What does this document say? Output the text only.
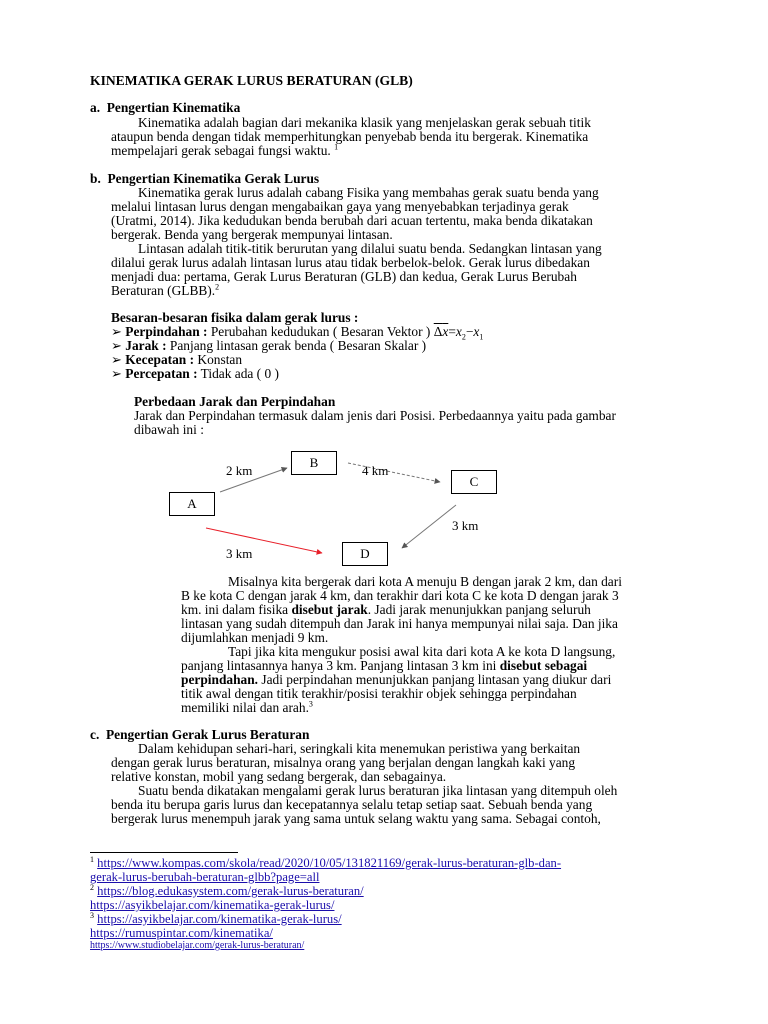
KINEMATIKA GERAK LURUS BERATURAN (GLB)
a.  Pengertian Kinematika
Kinematika adalah bagian dari mekanika klasik yang menjelaskan gerak sebuah titik
ataupun benda dengan tidak memperhitungkan penyebab benda itu bergerak. Kinematika
mempelajari gerak sebagai fungsi waktu. $^1$
b.  Pengertian Kinematika Gerak Lurus
Kinematika gerak lurus adalah cabang Fisika yang membahas gerak suatu benda yang
melalui lintasan lurus dengan mengabaikan gaya yang menyebabkan terjadinya gerak
(Uratmi, 2014). Jika kedudukan benda berubah dari acuan tertentu, maka benda dikatakan
bergerak. Benda yang bergerak mempunyai lintasan.
Lintasan adalah titik-titik berurutan yang dilalui suatu benda. Sedangkan lintasan yang
dilalui gerak lurus adalah lintasan lurus atau tidak berbelok-belok. Gerak lurus dibedakan
menjadi dua: pertama, Gerak Lurus Beraturan (GLB) dan kedua, Gerak Lurus Berubah
Beraturan (GLBB).$^2$
Besaran-besaran fisika dalam gerak lurus :
➢ Perpindahan : Perubahan kedudukan ( Besaran Vektor ) $\overline{\Delta}\overline{x}=x_2-x_1$
➢ Jarak : Panjang lintasan gerak benda ( Besaran Skalar )
➢ Kecepatan : Konstan
➢ Percepatan : Tidak ada ( 0 )
Perbedaan Jarak dan Perpindahan
Jarak dan Perpindahan termasuk dalam jenis dari Posisi. Perbedaannya yaitu pada gambar
dibawah ini :
A
B
C
D
2 km	4 km
3 km
3 km
Misalnya kita bergerak dari kota A menuju B dengan jarak 2 km, dan dari
B ke kota C dengan jarak 4 km, dan terakhir dari kota C ke kota D dengan jarak 3
km. ini dalam fisika disebut jarak. Jadi jarak menunjukkan panjang seluruh
lintasan yang sudah ditempuh dan Jarak ini hanya mempunyai nilai saja. Dan jika
dijumlahkan menjadi 9 km.
Tapi jika kita mengukur posisi awal kita dari kota A ke kota D langsung,
panjang lintasannya hanya 3 km. Panjang lintasan 3 km ini disebut sebagai
perpindahan. Jadi perpindahan menunjukkan panjang lintasan yang diukur dari
titik awal dengan titik terakhir/posisi terakhir objek sehingga perpindahan
memiliki nilai dan arah.$^3$
c.  Pengertian Gerak Lurus Beraturan
Dalam kehidupan sehari-hari, seringkali kita menemukan peristiwa yang berkaitan
dengan gerak lurus beraturan, misalnya orang yang berjalan dengan langkah kaki yang
relative konstan, mobil yang sedang bergerak, dan sebagainya.
Suatu benda dikatakan mengalami gerak lurus beraturan jika lintasan yang ditempuh oleh
benda itu berupa garis lurus dan kecepatannya selalu tetap setiap saat. Sebuah benda yang
bergerak lurus menempuh jarak yang sama untuk selang waktu yang sama. Sebagai contoh,
$^1$ https://www.kompas.com/skola/read/2020/10/05/131821169/gerak-lurus-beraturan-glb-dan-
gerak-lurus-berubah-beraturan-glbb?page=all
$^2$ https://blog.edukasystem.com/gerak-lurus-beraturan/
https://asyikbelajar.com/kinematika-gerak-lurus/
$^3$ https://asyikbelajar.com/kinematika-gerak-lurus/
https://rumuspintar.com/kinematika/
https://www.studiobelajar.com/gerak-lurus-beraturan/
